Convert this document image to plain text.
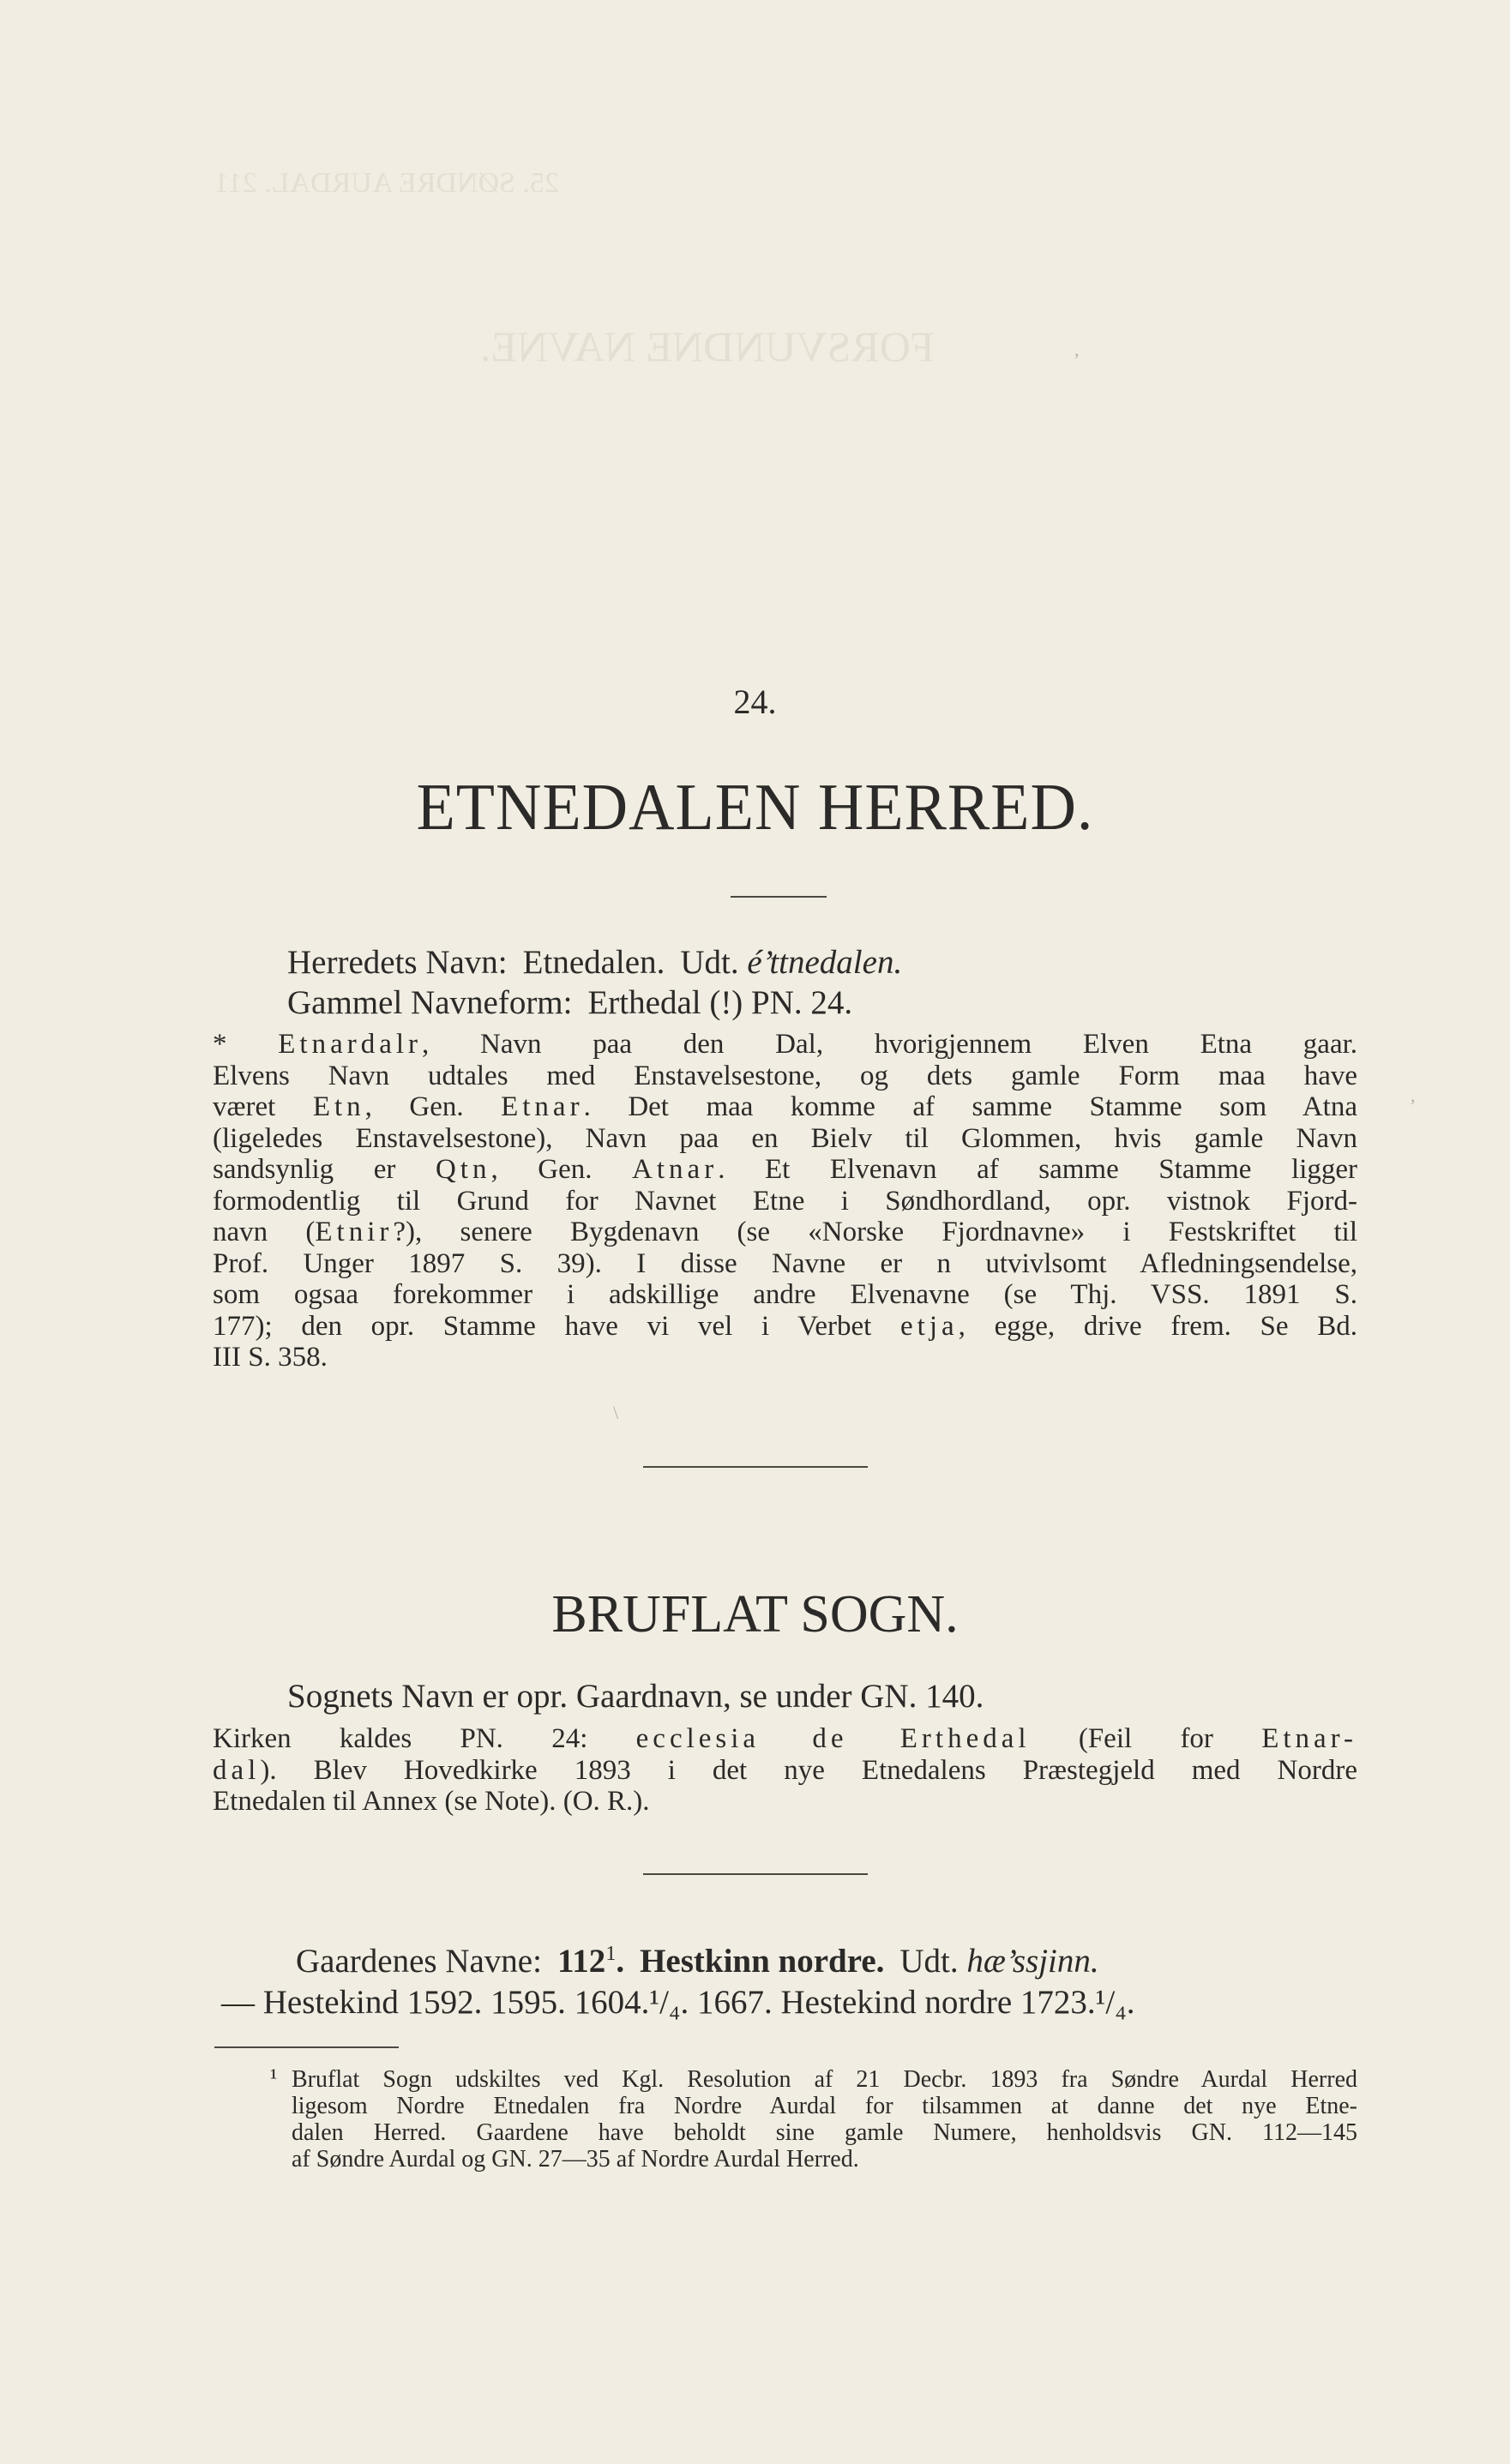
25. SØNDRE AURDAL. 211
FORSVUNDNE NAVNE.
24.
ETNEDALEN HERRED.
Herredets Navn: Etnedalen. Udt. é’ttnedalen.
Gammel Navneform: Erthedal (!) PN. 24.
* Etnardalr, Navn paa den Dal, hvorigjennem Elven Etna gaar.
Elvens Navn udtales med Enstavelsestone, og dets gamle Form maa have
været Etn, Gen. Etnar. Det maa komme af samme Stamme som Atna
(ligeledes Enstavelsestone), Navn paa en Bielv til Glommen, hvis gamle Navn
sandsynlig er Qtn, Gen. Atnar. Et Elvenavn af samme Stamme ligger
formodentlig til Grund for Navnet Etne i Søndhordland, opr. vistnok Fjord-
navn (Etnir?), senere Bygdenavn (se «Norske Fjordnavne» i Festskriftet til
Prof. Unger 1897 S. 39). I disse Navne er n utvivlsomt Afledningsendelse,
som ogsaa forekommer i adskillige andre Elvenavne (se Thj. VSS. 1891 S.
177); den opr. Stamme have vi vel i Verbet etja, egge, drive frem. Se Bd.
III S. 358.
BRUFLAT SOGN.
Sognets Navn er opr. Gaardnavn, se under GN. 140.
Kirken kaldes PN. 24: ecclesia de Erthedal (Feil for Etnar-
dal). Blev Hovedkirke 1893 i det nye Etnedalens Præstegjeld med Nordre
Etnedalen til Annex (se Note). (O. R.).
Gaardenes Navne: $112^1$. Hestkinn nordre. Udt. hæ’ssjinn.
— Hestekind 1592. 1595. 1604.¹/₄. 1667. Hestekind nordre 1723.¹/₄.
¹ Bruflat Sogn udskiltes ved Kgl. Resolution af 21 Decbr. 1893 fra Søndre Aurdal Herred
ligesom Nordre Etnedalen fra Nordre Aurdal for tilsammen at danne det nye Etne-
dalen Herred. Gaardene have beholdt sine gamle Numere, henholdsvis GN. 112—145
af Søndre Aurdal og GN. 27—35 af Nordre Aurdal Herred.
,
,
\
